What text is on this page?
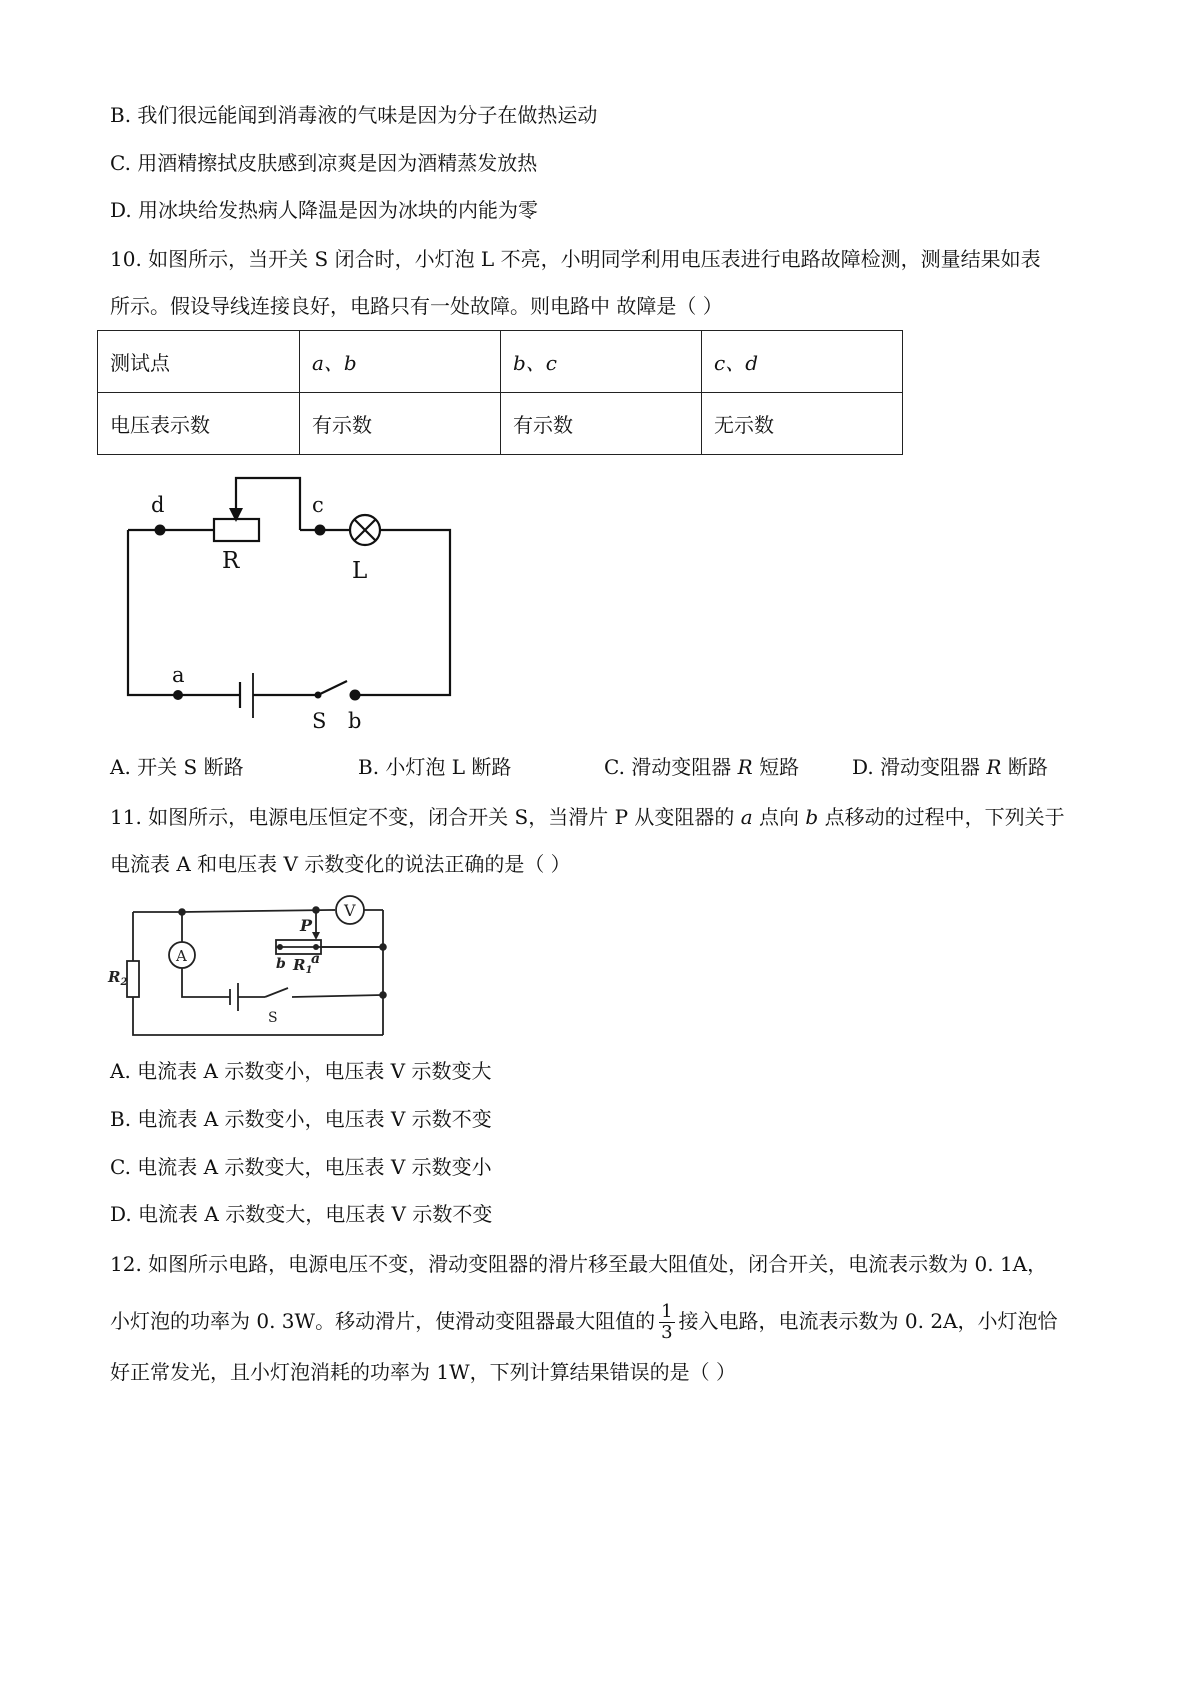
B. 我们很远能闻到消毒液的气味是因为分子在做热运动
C. 用酒精擦拭皮肤感到凉爽是因为酒精蒸发放热
D. 用冰块给发热病人降温是因为冰块的内能为零
10. 如图所示，当开关 S 闭合时，小灯泡 L 不亮，小明同学利用电压表进行电路故障检测，测量结果如表
所示。假设导线连接良好，电路只有一处故障。则电路中 故障是（ ）
测试点	a、b	b、c	c、d
电压表示数	有示数	有示数	无示数
d	c
R	L
a
S b
A. 开关 S 断路	B. 小灯泡 L 断路	C. 滑动变阻器 R 短路	D. 滑动变阻器 R 断路
11. 如图所示，电源电压恒定不变，闭合开关 S，当滑片 P 从变阻器的 a 点向 b 点移动的过程中，下列关于
电流表 A 和电压表 V 示数变化的说法正确的是（ ）
V
A
P
b $R_1$
a
$R_2$
S
A. 电流表 A 示数变小，电压表 V 示数变大
B. 电流表 A 示数变小，电压表 V 示数不变
C. 电流表 A 示数变大，电压表 V 示数变小
D. 电流表 A 示数变大，电压表 V 示数不变
12. 如图所示电路，电源电压不变，滑动变阻器的滑片移至最大阻值处，闭合开关，电流表示数为 0. 1A，
小灯泡的功率为 0. 3W。移动滑片，使滑动变阻器最大阻值的 $\frac{1}{3}$ 接入电路，电流表示数为 0. 2A，小灯泡恰
好正常发光，且小灯泡消耗的功率为 1W，下列计算结果错误的是（ ）
